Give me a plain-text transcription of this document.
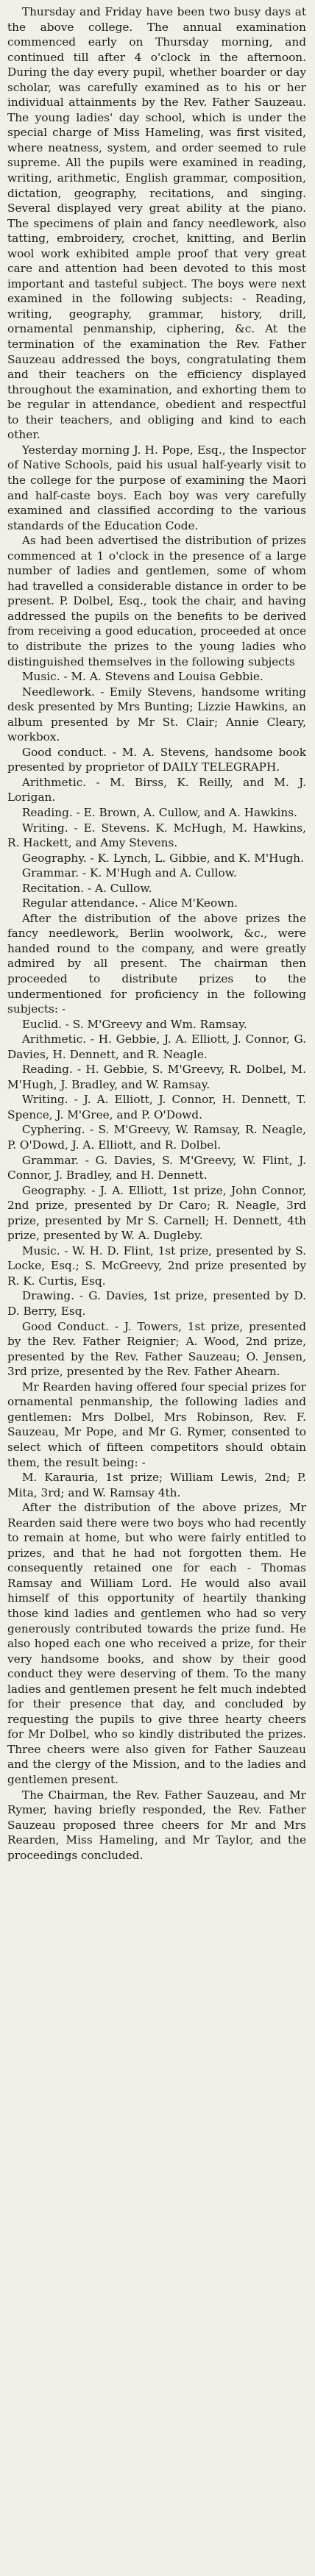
Thursday and Friday have been two busy days at the above college. The annual examination commenced early on Thursday morning, and continued till after 4 o'clock in the afternoon. During the day every pupil, whether boarder or day scholar, was carefully examined as to his or her individual attainments by the Rev. Father Sauzeau. The young ladies' day school, which is under the special charge of Miss Hameling, was first visited, where neatness, system, and order seemed to rule supreme. All the pupils were examined in reading, writing, arithmetic, English grammar, composition, dictation, geography, recitations, and singing. Several displayed very great ability at the piano. The specimens of plain and fancy needlework, also tatting, embroidery, crochet, knitting, and Berlin wool work exhibited ample proof that very great care and attention had been devoted to this most important and tasteful subject. The boys were next examined in the following subjects: - Reading, writing, geography, grammar, history, drill, ornamental penmanship, ciphering, &c. At the termination of the examination the Rev. Father Sauzeau addressed the boys, congratulating them and their teachers on the efficiency displayed throughout the examination, and exhorting them to be regular in attendance, obedient and respectful to their teachers, and obliging and kind to each other.

Yesterday morning J. H. Pope, Esq., the Inspector of Native Schools, paid his usual half-yearly visit to the college for the purpose of examining the Maori and half-caste boys. Each boy was very carefully examined and classified according to the various standards of the Education Code.

As had been advertised the distribution of prizes commenced at 1 o'clock in the presence of a large number of ladies and gentlemen, some of whom had travelled a considerable distance in order to be present. P. Dolbel, Esq., took the chair, and having addressed the pupils on the benefits to be derived from receiving a good education, proceeded at once to distribute the prizes to the young ladies who distinguished themselves in the following subjects

Music. - M. A. Stevens and Louisa Gebbie.

Needlework. - Emily Stevens, handsome writing desk presented by Mrs Bunting; Lizzie Hawkins, an album presented by Mr St. Clair; Annie Cleary, workbox.

Good conduct. - M. A. Stevens, handsome book presented by proprietor of DAILY TELEGRAPH.

Arithmetic. - M. Birss, K. Reilly, and M. J. Lorigan.

Reading. - E. Brown, A. Cullow, and A. Hawkins.

Writing. - E. Stevens. K. McHugh, M. Hawkins, R. Hackett, and Amy Stevens.

Geography. - K. Lynch, L. Gibbie, and K. M'Hugh.

Grammar. - K. M'Hugh and A. Cullow.

Recitation. - A. Cullow.

Regular attendance. - Alice M'Keown.

After the distribution of the above prizes the fancy needlework, Berlin woolwork, &c., were handed round to the company, and were greatly admired by all present. The chairman then proceeded to distribute prizes to the undermentioned for proficiency in the following subjects: -

Euclid. - S. M'Greevy and Wm. Ramsay.

Arithmetic. - H. Gebbie, J. A. Elliott, J. Connor, G. Davies, H. Dennett, and R. Neagle.

Reading. - H. Gebbie, S. M'Greevy, R. Dolbel, M. M'Hugh, J. Bradley, and W. Ramsay.

Writing. - J. A. Elliott, J. Connor, H. Dennett, T. Spence, J. M'Gree, and P. O'Dowd.

Cyphering. - S. M'Greevy, W. Ramsay, R. Neagle, P. O'Dowd, J. A. Elliott, and R. Dolbel.

Grammar. - G. Davies, S. M'Greevy, W. Flint, J. Connor, J. Bradley, and H. Dennett.

Geography. - J. A. Elliott, 1st prize, John Connor, 2nd prize, presented by Dr Caro; R. Neagle, 3rd prize, presented by Mr S. Carnell; H. Dennett, 4th prize, presented by W. A. Dugleby.

Music. - W. H. D. Flint, 1st prize, presented by S. Locke, Esq.; S. McGreevy, 2nd prize presented by R. K. Curtis, Esq.

Drawing. - G. Davies, 1st prize, presented by D. D. Berry, Esq.

Good Conduct. - J. Towers, 1st prize, presented by the Rev. Father Reignier; A. Wood, 2nd prize, presented by the Rev. Father Sauzeau; O. Jensen, 3rd prize, presented by the Rev. Father Ahearn.

Mr Rearden having offered four special prizes for ornamental penmanship, the following ladies and gentlemen: Mrs Dolbel, Mrs Robinson, Rev. F. Sauzeau, Mr Pope, and Mr G. Rymer, consented to select which of fifteen competitors should obtain them, the result being: -

M. Karauria, 1st prize; William Lewis, 2nd; P. Mita, 3rd; and W. Ramsay 4th.

After the distribution of the above prizes, Mr Rearden said there were two boys who had recently to remain at home, but who were fairly entitled to prizes, and that he had not forgotten them. He consequently retained one for each - Thomas Ramsay and William Lord. He would also avail himself of this opportunity of heartily thanking those kind ladies and gentlemen who had so very generously contributed towards the prize fund. He also hoped each one who received a prize, for their very handsome books, and show by their good conduct they were deserving of them. To the many ladies and gentlemen present he felt much indebted for their presence that day, and concluded by requesting the pupils to give three hearty cheers for Mr Dolbel, who so kindly distributed the prizes. Three cheers were also given for Father Sauzeau and the clergy of the Mission, and to the ladies and gentlemen present.

The Chairman, the Rev. Father Sauzeau, and Mr Rymer, having briefly responded, the Rev. Father Sauzeau proposed three cheers for Mr and Mrs Rearden, Miss Hameling, and Mr Taylor, and the proceedings concluded.
